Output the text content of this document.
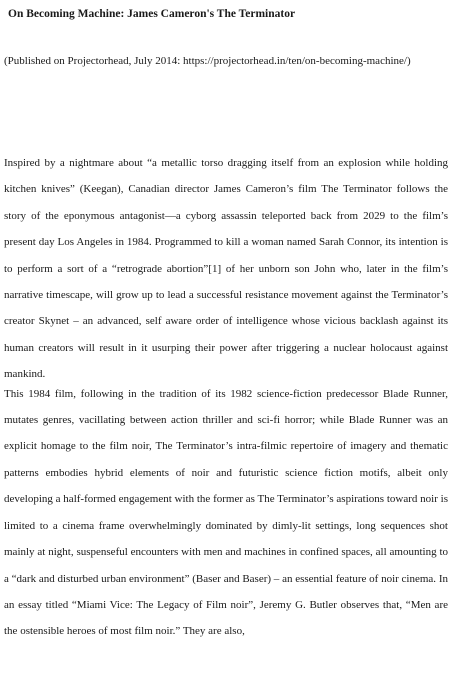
On Becoming Machine: James Cameron's The Terminator
(Published on Projectorhead, July 2014: https://projectorhead.in/ten/on-becoming-machine/)

Inspired by a nightmare about “a metallic torso dragging itself from an explosion while holding kitchen knives” (Keegan), Canadian director James Cameron’s film The Terminator follows the story of the eponymous antagonist—a cyborg assassin teleported back from 2029 to the film’s present day Los Angeles in 1984. Programmed to kill a woman named Sarah Connor, its intention is to perform a sort of a “retrograde abortion”[1] of her unborn son John who, later in the film’s narrative timescape, will grow up to lead a successful resistance movement against the Terminator’s creator Skynet – an advanced, self aware order of intelligence whose vicious backlash against its human creators will result in it usurping their power after triggering a nuclear holocaust against mankind.

This 1984 film, following in the tradition of its 1982 science-fiction predecessor Blade Runner, mutates genres, vacillating between action thriller and sci-fi horror; while Blade Runner was an explicit homage to the film noir, The Terminator’s intra-filmic repertoire of imagery and thematic patterns embodies hybrid elements of noir and futuristic science fiction motifs, albeit only developing a half-formed engagement with the former as The Terminator’s aspirations toward noir is limited to a cinema frame overwhelmingly dominated by dimly-lit settings, long sequences shot mainly at night, suspenseful encounters with men and machines in confined spaces, all amounting to a “dark and disturbed urban environment” (Baser and Baser) – an essential feature of noir cinema. In an essay titled “Miami Vice: The Legacy of Film noir”, Jeremy G. Butler observes that, “Men are the ostensible heroes of most film noir.” They are also,
